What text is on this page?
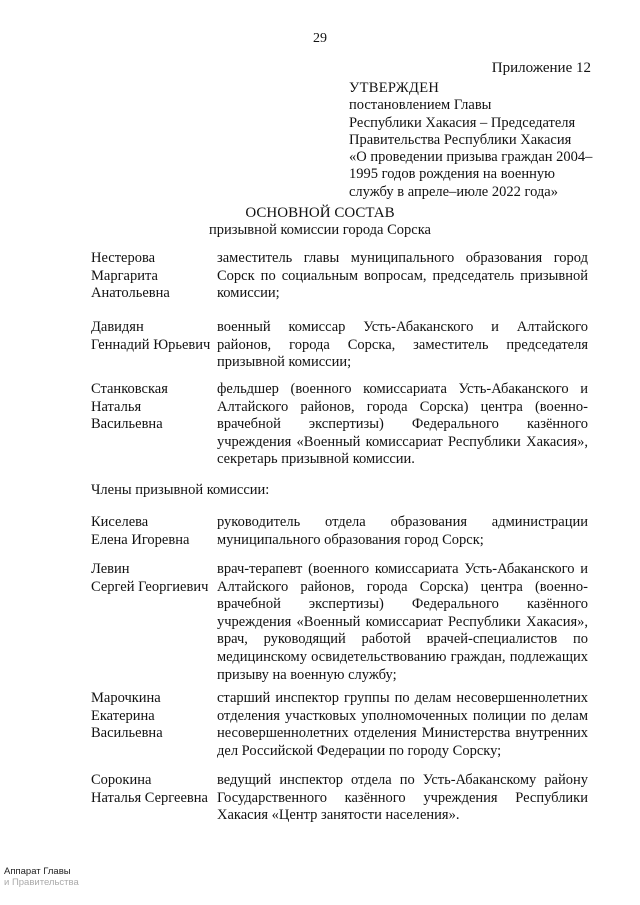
29
Приложение 12
УТВЕРЖДЕН
постановлением Главы
Республики Хакасия – Председателя
Правительства Республики Хакасия
«О проведении призыва граждан 2004–
1995 годов рождения на военную
службу в апреле–июле 2022 года»
ОСНОВНОЙ СОСТАВ
призывной комиссии города Сорска
Нестерова
Маргарита
Анатольевна
заместитель главы муниципального образования город Сорск по социальным вопросам, председатель призывной комиссии;
Давидян
Геннадий Юрьевич
военный комиссар Усть-Абаканского и Алтайского районов, города Сорска, заместитель председателя призывной комиссии;
Станковская
Наталья
Васильевна
фельдшер (военного комиссариата Усть-Абаканского и Алтайского районов, города Сорска) центра (военно-врачебной экспертизы) Федерального казённого учреждения «Военный комиссариат Республики Хакасия», секретарь призывной комиссии.
Члены призывной комиссии:
Киселева
Елена Игоревна
руководитель отдела образования администрации муниципального образования город Сорск;
Левин
Сергей Георгиевич
врач-терапевт (военного комиссариата Усть-Абаканского и Алтайского районов, города Сорска) центра (военно-врачебной экспертизы) Федерального казённого учреждения «Военный комиссариат Республики Хакасия», врач, руководящий работой врачей-специалистов по медицинскому освидетельствованию граждан, подлежащих призыву на военную службу;
Марочкина
Екатерина
Васильевна
старший инспектор группы по делам несовершеннолетних отделения участковых уполномоченных полиции по делам несовершеннолетних отделения Министерства внутренних дел Российской Федерации по городу Сорску;
Сорокина
Наталья Сергеевна
ведущий инспектор отдела по Усть-Абаканскому району Государственного казённого учреждения Республики Хакасия «Центр занятости населения».
Аппарат Главы
и Правительства
